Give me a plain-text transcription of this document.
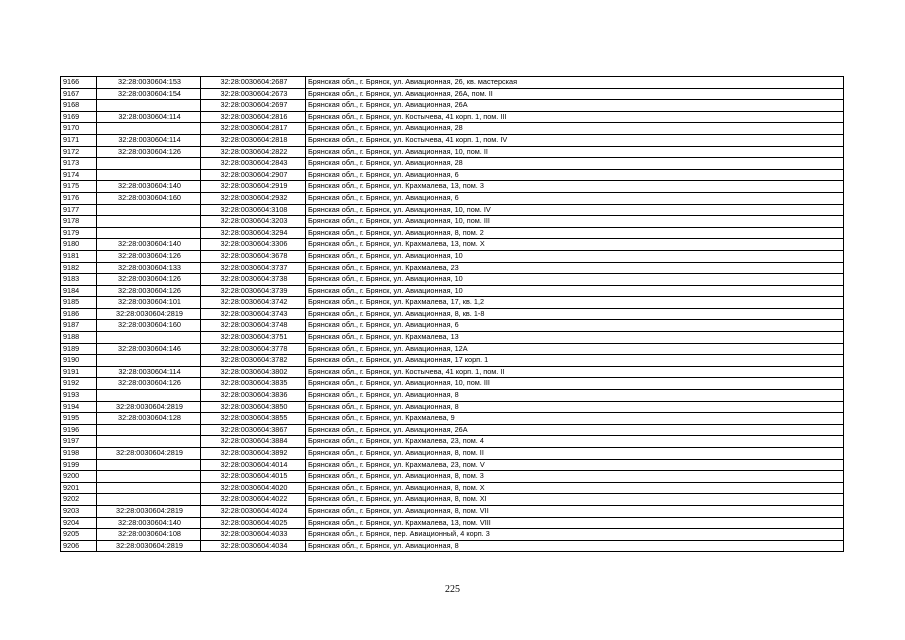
9166	32:28:0030604:153	32:28:0030604:2687	Брянская обл., г. Брянск, ул. Авиационная, 26, кв. мастерская
9167	32:28:0030604:154	32:28:0030604:2673	Брянская обл., г. Брянск, ул. Авиационная, 26А, пом. II
9168		32:28:0030604:2697	Брянская обл., г. Брянск, ул. Авиационная, 26А
9169	32:28:0030604:114	32:28:0030604:2816	Брянская обл., г. Брянск, ул. Костычева, 41 корп. 1, пом. III
9170		32:28:0030604:2817	Брянская обл., г. Брянск, ул. Авиационная, 28
9171	32:28:0030604:114	32:28:0030604:2818	Брянская обл., г. Брянск, ул. Костычева, 41 корп. 1, пом. IV
9172	32:28:0030604:126	32:28:0030604:2822	Брянская обл., г. Брянск, ул. Авиационная, 10, пом. II
9173		32:28:0030604:2843	Брянская обл., г. Брянск, ул. Авиационная, 28
9174		32:28:0030604:2907	Брянская обл., г. Брянск, ул. Авиационная, 6
9175	32:28:0030604:140	32:28:0030604:2919	Брянская обл., г. Брянск, ул. Крахмалева, 13, пом. 3
9176	32:28:0030604:160	32:28:0030604:2932	Брянская обл., г. Брянск, ул. Авиационная, 6
9177		32:28:0030604:3108	Брянская обл., г. Брянск, ул. Авиационная, 10, пом. IV
9178		32:28:0030604:3203	Брянская обл., г. Брянск, ул. Авиационная, 10, пом. III
9179		32:28:0030604:3294	Брянская обл., г. Брянск, ул. Авиационная, 8, пом. 2
9180	32:28:0030604:140	32:28:0030604:3306	Брянская обл., г. Брянск, ул. Крахмалева, 13, пом. X
9181	32:28:0030604:126	32:28:0030604:3678	Брянская обл., г. Брянск, ул. Авиационная, 10
9182	32:28:0030604:133	32:28:0030604:3737	Брянская обл., г. Брянск, ул. Крахмалева, 23
9183	32:28:0030604:126	32:28:0030604:3738	Брянская обл., г. Брянск, ул. Авиационная, 10
9184	32:28:0030604:126	32:28:0030604:3739	Брянская обл., г. Брянск, ул. Авиационная, 10
9185	32:28:0030604:101	32:28:0030604:3742	Брянская обл., г. Брянск, ул. Крахмалева, 17, кв. 1,2
9186	32:28:0030604:2819	32:28:0030604:3743	Брянская обл., г. Брянск, ул. Авиационная, 8, кв. 1-8
9187	32:28:0030604:160	32:28:0030604:3748	Брянская обл., г. Брянск, ул. Авиационная, 6
9188		32:28:0030604:3751	Брянская обл., г. Брянск, ул. Крахмалева, 13
9189	32:28:0030604:146	32:28:0030604:3778	Брянская обл., г. Брянск, ул. Авиационная, 12А
9190		32:28:0030604:3782	Брянская обл., г. Брянск, ул. Авиационная, 17 корп. 1
9191	32:28:0030604:114	32:28:0030604:3802	Брянская обл., г. Брянск, ул. Костычева, 41 корп. 1, пом. II
9192	32:28:0030604:126	32:28:0030604:3835	Брянская обл., г. Брянск, ул. Авиационная, 10, пом. III
9193		32:28:0030604:3836	Брянская обл., г. Брянск, ул. Авиационная, 8
9194	32:28:0030604:2819	32:28:0030604:3850	Брянская обл., г. Брянск, ул. Авиационная, 8
9195	32:28:0030604:128	32:28:0030604:3855	Брянская обл., г. Брянск, ул. Крахмалева, 9
9196		32:28:0030604:3867	Брянская обл., г. Брянск, ул. Авиационная, 26А
9197		32:28:0030604:3884	Брянская обл., г. Брянск, ул. Крахмалева, 23, пом. 4
9198	32:28:0030604:2819	32:28:0030604:3892	Брянская обл., г. Брянск, ул. Авиационная, 8, пом. II
9199		32:28:0030604:4014	Брянская обл., г. Брянск, ул. Крахмалева, 23, пом. V
9200		32:28:0030604:4015	Брянская обл., г. Брянск, ул. Авиационная, 8, пом. 3
9201		32:28:0030604:4020	Брянская обл., г. Брянск, ул. Авиационная, 8, пом. X
9202		32:28:0030604:4022	Брянская обл., г. Брянск, ул. Авиационная, 8, пом. XI
9203	32:28:0030604:2819	32:28:0030604:4024	Брянская обл., г. Брянск, ул. Авиационная, 8, пом. VII
9204	32:28:0030604:140	32:28:0030604:4025	Брянская обл., г. Брянск, ул. Крахмалева, 13, пом. VIII
9205	32:28:0030604:108	32:28:0030604:4033	Брянская обл., г. Брянск, пер. Авиационный, 4 корп. 3
9206	32:28:0030604:2819	32:28:0030604:4034	Брянская обл., г. Брянск, ул. Авиационная, 8
225
